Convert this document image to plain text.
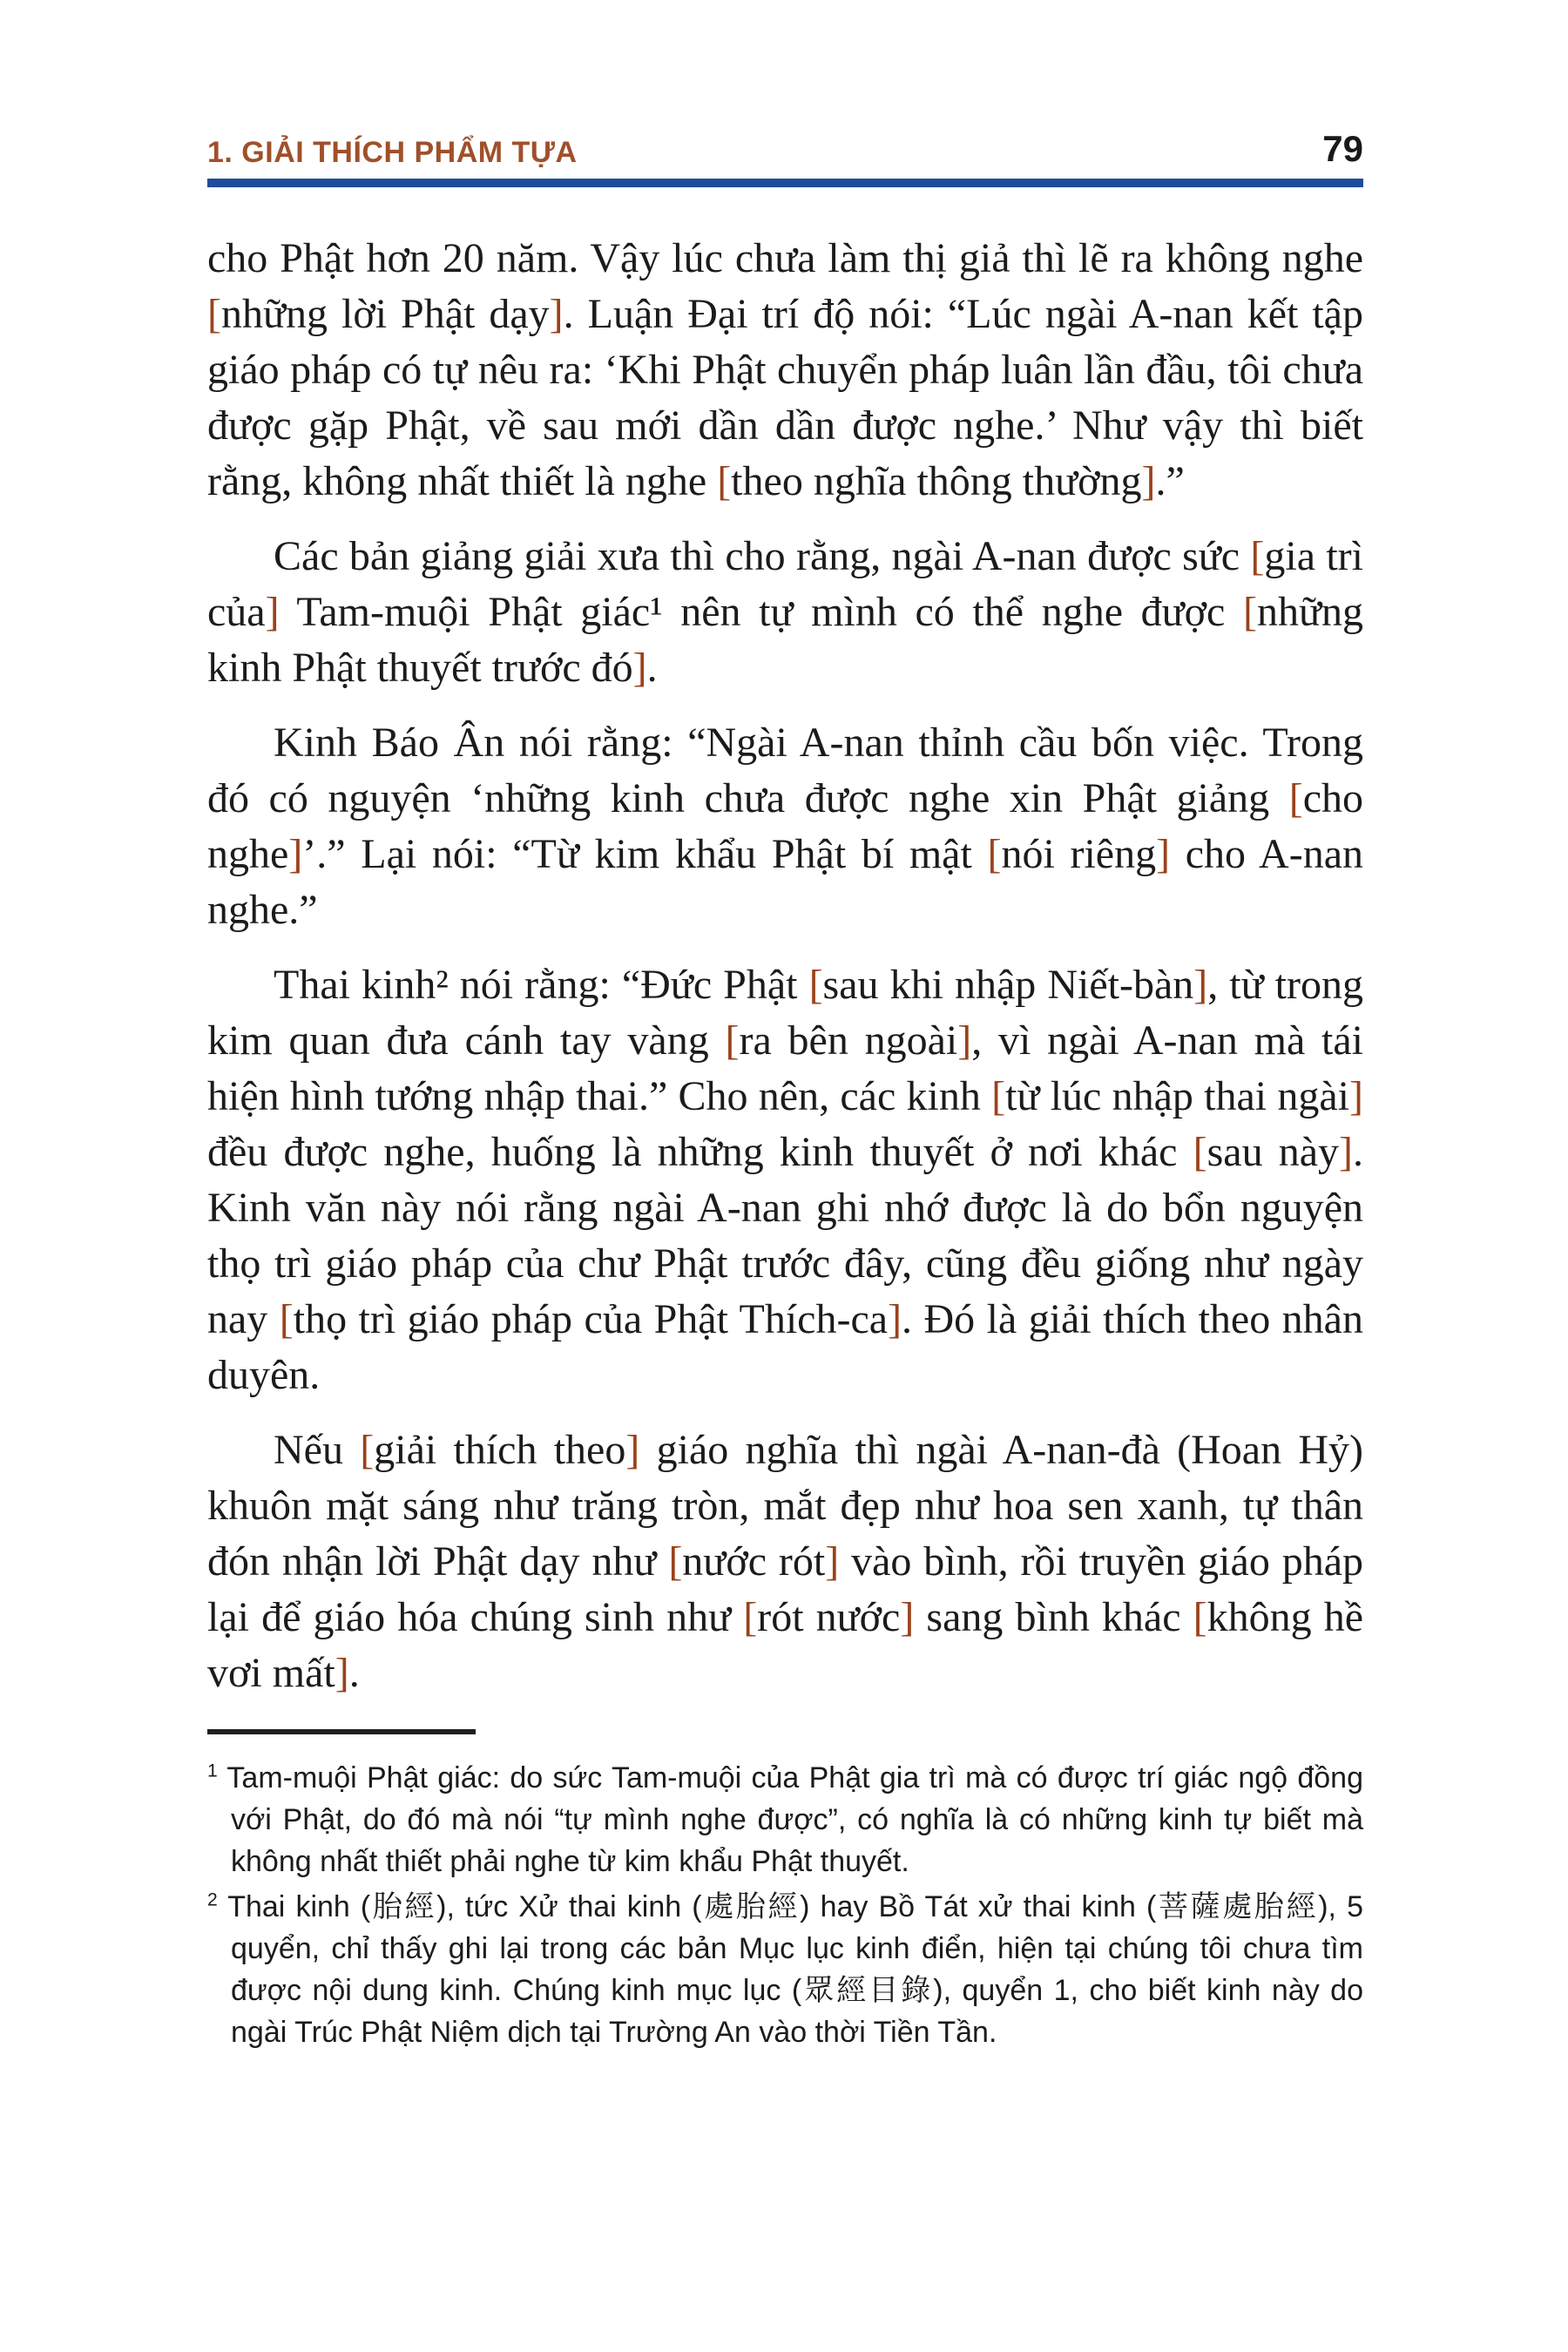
1. GIẢI THÍCH PHẨM TỰA	79

cho Phật hơn 20 năm. Vậy lúc chưa làm thị giả thì lẽ ra không nghe [những lời Phật dạy]. Luận Đại trí độ nói: “Lúc ngài A-nan kết tập giáo pháp có tự nêu ra: ‘Khi Phật chuyển pháp luân lần đầu, tôi chưa được gặp Phật, về sau mới dần dần được nghe.’ Như vậy thì biết rằng, không nhất thiết là nghe [theo nghĩa thông thường].”

Các bản giảng giải xưa thì cho rằng, ngài A-nan được sức [gia trì của] Tam-muội Phật giác¹ nên tự mình có thể nghe được [những kinh Phật thuyết trước đó].

Kinh Báo Ân nói rằng: “Ngài A-nan thỉnh cầu bốn việc. Trong đó có nguyện ‘những kinh chưa được nghe xin Phật giảng [cho nghe]’.” Lại nói: “Từ kim khẩu Phật bí mật [nói riêng] cho A-nan nghe.”

Thai kinh² nói rằng: “Đức Phật [sau khi nhập Niết-bàn], từ trong kim quan đưa cánh tay vàng [ra bên ngoài], vì ngài A-nan mà tái hiện hình tướng nhập thai.” Cho nên, các kinh [từ lúc nhập thai ngài] đều được nghe, huống là những kinh thuyết ở nơi khác [sau này]. Kinh văn này nói rằng ngài A-nan ghi nhớ được là do bổn nguyện thọ trì giáo pháp của chư Phật trước đây, cũng đều giống như ngày nay [thọ trì giáo pháp của Phật Thích-ca]. Đó là giải thích theo nhân duyên.

Nếu [giải thích theo] giáo nghĩa thì ngài A-nan-đà (Hoan Hỷ) khuôn mặt sáng như trăng tròn, mắt đẹp như hoa sen xanh, tự thân đón nhận lời Phật dạy như [nước rót] vào bình, rồi truyền giáo pháp lại để giáo hóa chúng sinh như [rót nước] sang bình khác [không hề vơi mất].

$^1$ Tam-muội Phật giác: do sức Tam-muội của Phật gia trì mà có được trí giác ngộ đồng với Phật, do đó mà nói “tự mình nghe được”, có nghĩa là có những kinh tự biết mà không nhất thiết phải nghe từ kim khẩu Phật thuyết.

$^2$ Thai kinh (胎經), tức Xử thai kinh (處胎經) hay Bồ Tát xử thai kinh (菩薩處胎經), 5 quyển, chỉ thấy ghi lại trong các bản Mục lục kinh điển, hiện tại chúng tôi chưa tìm được nội dung kinh. Chúng kinh mục lục (眾經目錄), quyển 1, cho biết kinh này do ngài Trúc Phật Niệm dịch tại Trường An vào thời Tiền Tần.
